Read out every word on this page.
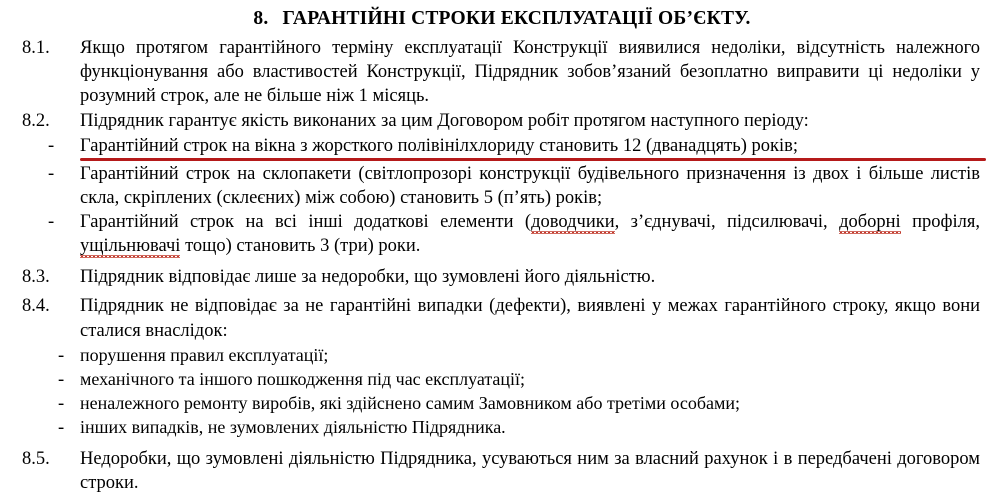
8. ГАРАНТІЙНІ СТРОКИ ЕКСПЛУАТАЦІЇ ОБ’ЄКТУ.
8.1.	Якщо протягом гарантійного терміну експлуатації Конструкції виявилися недоліки, відсутність належного функціонування або властивостей Конструкції, Підрядник зобов’язаний безоплатно виправити ці недоліки у розумний строк, але не більше ніж 1 місяць.
8.2.	Підрядник гарантує якість виконаних за цим Договором робіт протягом наступного періоду:
-	Гарантійний строк на вікна з жорсткого полівінілхлориду становить 12 (дванадцять) років;
-	Гарантійний строк на склопакети (світлопрозорі конструкції будівельного призначення із двох і більше листів скла, скріплених (склеєних) між собою) становить 5 (п’ять) років;
-	Гарантійний строк на всі інші додаткові елементи (доводчики, з’єднувачі, підсилювачі, доборні профіля, ущільнювачі тощо) становить 3 (три) роки.
8.3.	Підрядник відповідає лише за недоробки, що зумовлені його діяльністю.
8.4.	Підрядник не відповідає за не гарантійні випадки (дефекти), виявлені у межах гарантійного строку, якщо вони сталися внаслідок:
- порушення правил експлуатації;
- механічного та іншого пошкодження під час експлуатації;
- неналежного ремонту виробів, які здійснено самим Замовником або третіми особами;
- інших випадків, не зумовлених діяльністю Підрядника.
8.5.	Недоробки, що зумовлені діяльністю Підрядника, усуваються ним за власний рахунок і в передбачені договором строки.
